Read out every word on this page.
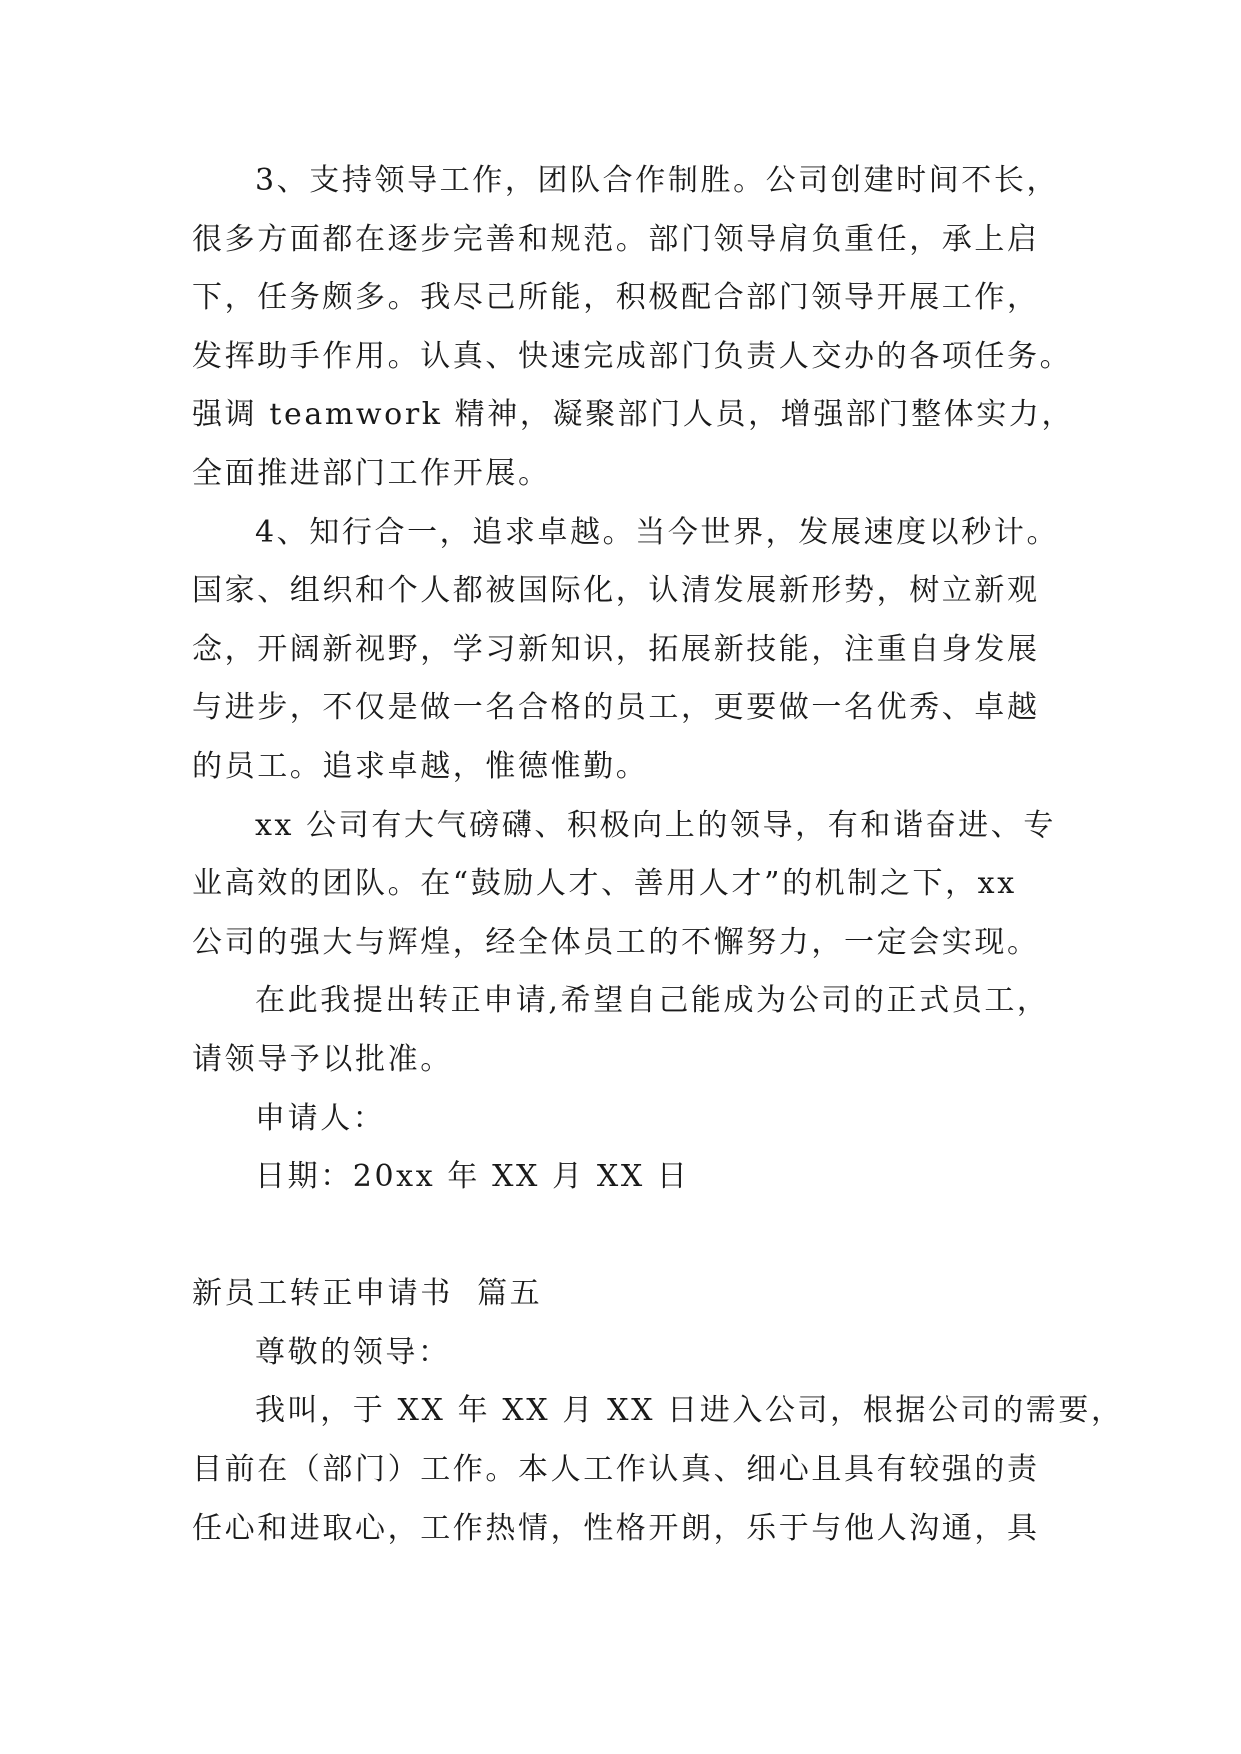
3、支持领导工作，团队合作制胜。公司创建时间不长，
很多方面都在逐步完善和规范。部门领导肩负重任，承上启
下，任务颇多。我尽己所能，积极配合部门领导开展工作，
发挥助手作用。认真、快速完成部门负责人交办的各项任务。
强调 teamwork 精神，凝聚部门人员，增强部门整体实力，
全面推进部门工作开展。
4、知行合一，追求卓越。当今世界，发展速度以秒计。
国家、组织和个人都被国际化，认清发展新形势，树立新观
念，开阔新视野，学习新知识，拓展新技能，注重自身发展
与进步，不仅是做一名合格的员工，更要做一名优秀、卓越
的员工。追求卓越，惟德惟勤。
xx 公司有大气磅礴、积极向上的领导，有和谐奋进、专
业高效的团队。在“鼓励人才、善用人才”的机制之下，xx
公司的强大与辉煌，经全体员工的不懈努力，一定会实现。
在此我提出转正申请,希望自己能成为公司的正式员工，
请领导予以批准。
申请人：
日期：20xx 年 XX 月 XX 日
新员工转正申请书  篇五
尊敬的领导：
我叫，于 XX 年 XX 月 XX 日进入公司，根据公司的需要，
目前在（部门）工作。本人工作认真、细心且具有较强的责
任心和进取心，工作热情，性格开朗，乐于与他人沟通，具
